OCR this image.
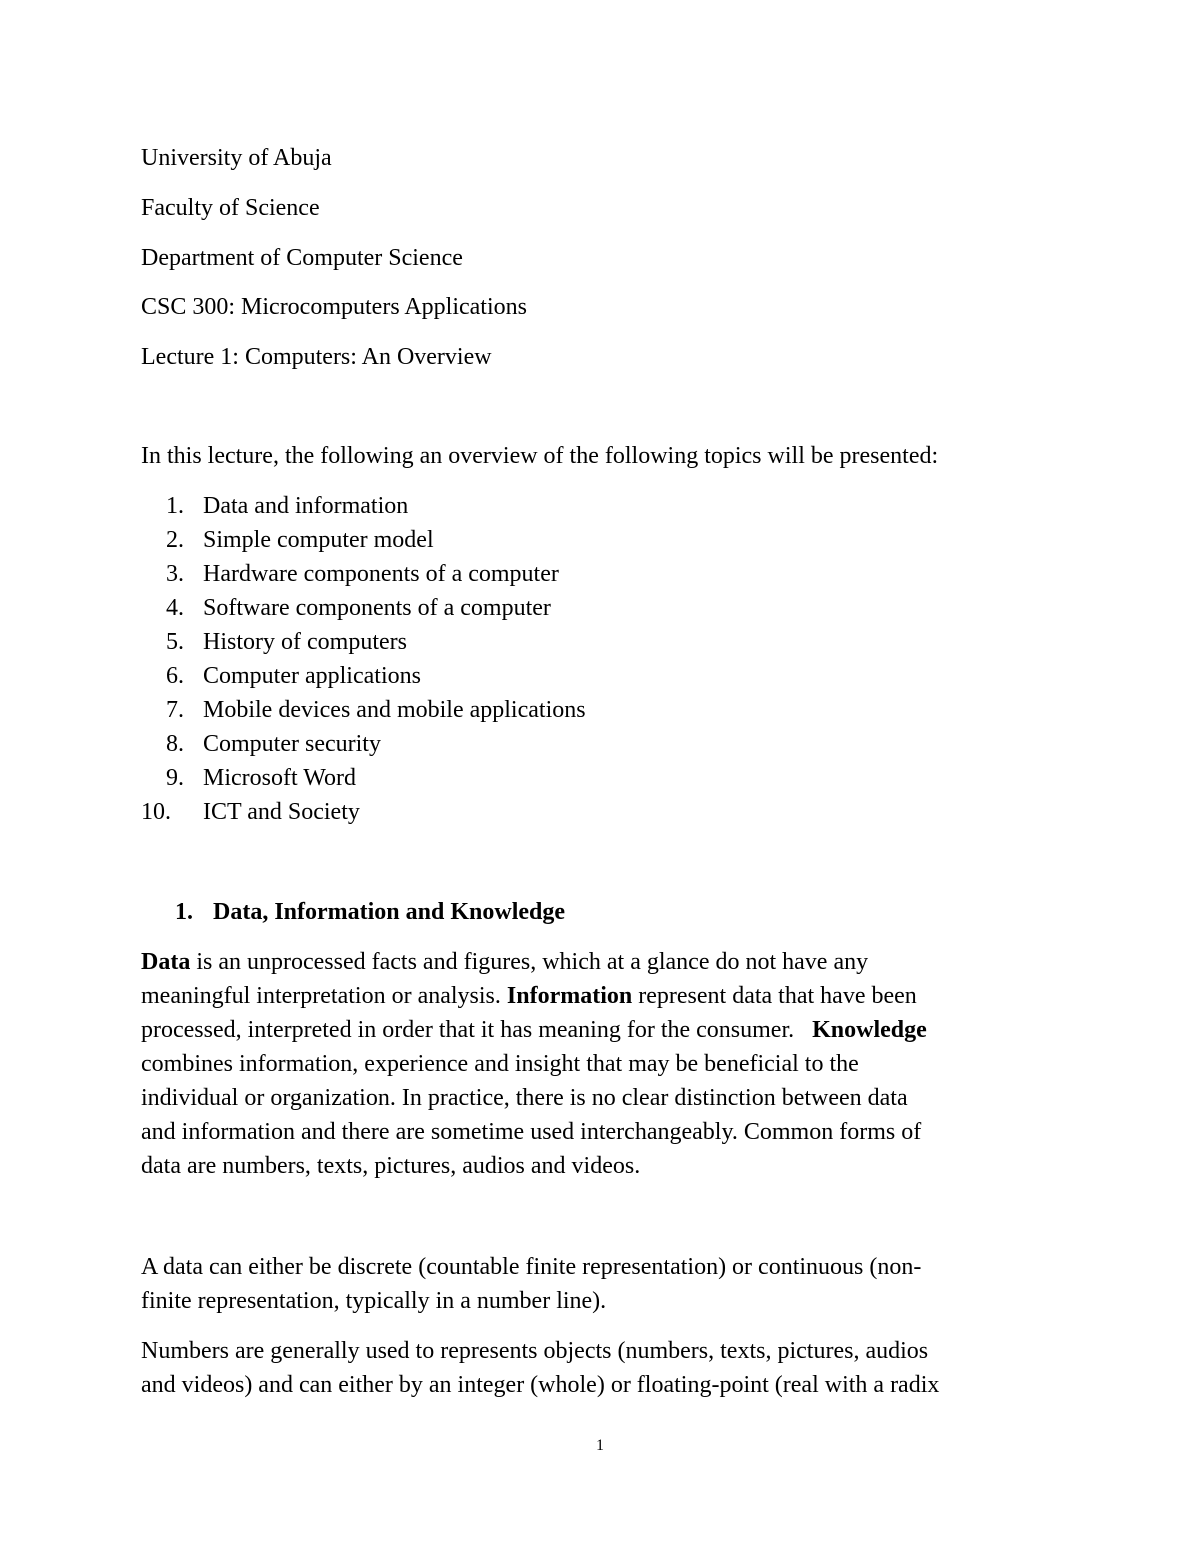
University of Abuja

Faculty of Science

Department of Computer Science

CSC 300: Microcomputers Applications

Lecture 1: Computers: An Overview

In this lecture, the following an overview of the following topics will be presented:

1. Data and information
2. Simple computer model
3. Hardware components of a computer
4. Software components of a computer
5. History of computers
6. Computer applications
7. Mobile devices and mobile applications
8. Computer security
9. Microsoft Word
10. ICT and Society
1. Data, Information and Knowledge
Data is an unprocessed facts and figures, which at a glance do not have any
meaningful interpretation or analysis. Information represent data that have been
processed, interpreted in order that it has meaning for the consumer.   Knowledge
combines information, experience and insight that may be beneficial to the
individual or organization. In practice, there is no clear distinction between data
and information and there are sometime used interchangeably. Common forms of
data are numbers, texts, pictures, audios and videos.
A data can either be discrete (countable finite representation) or continuous (non-
finite representation, typically in a number line).
Numbers are generally used to represents objects (numbers, texts, pictures, audios
and videos) and can either by an integer (whole) or floating-point (real with a radix
1
